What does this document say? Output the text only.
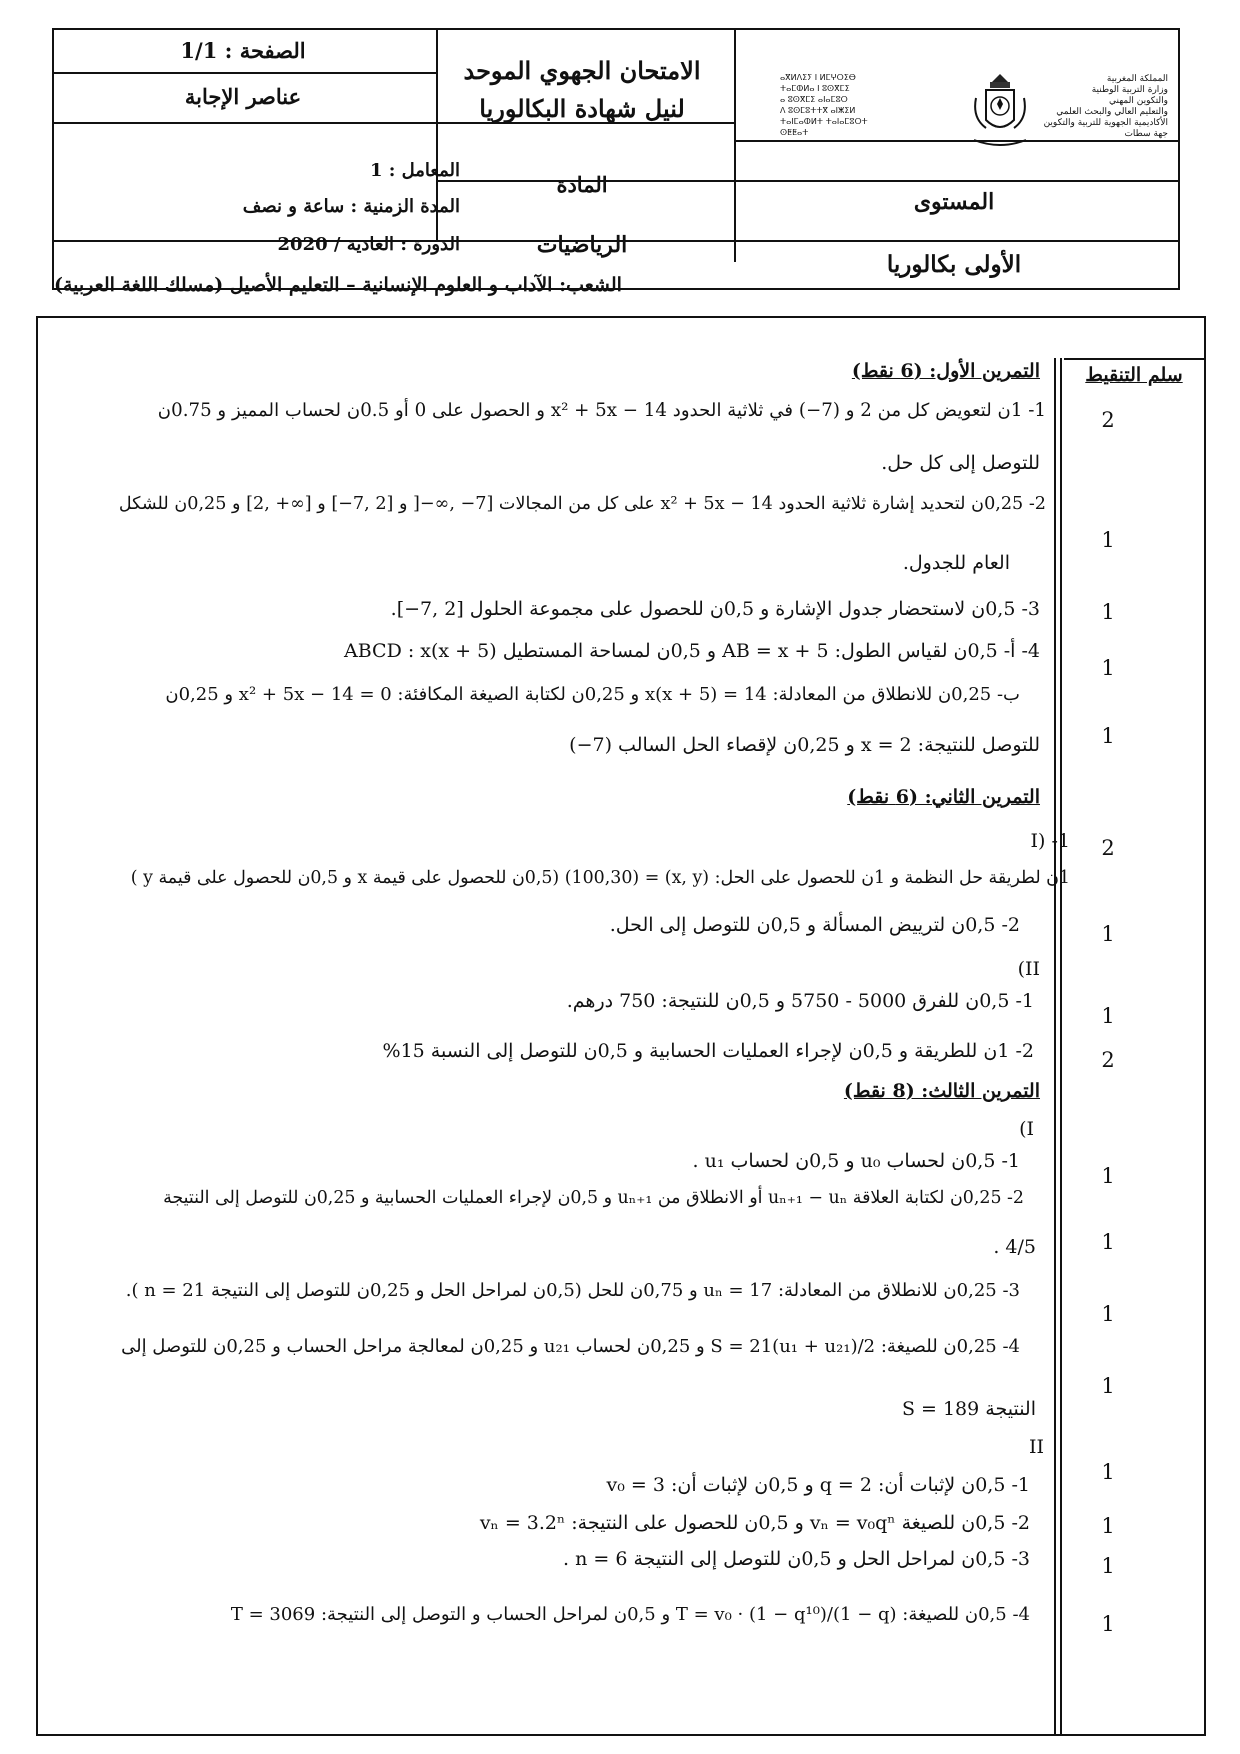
الصفحة : 1/1
عناصر الإجابة
الامتحان الجهوي الموحد
لنيل شهادة البكالوريا
ⴰⴳⵍⴷⵉⵢ ⵏ ⵍⵎⵖⵔⵉⴱ
ⵜⴰⵎⵀⵍⴰ ⵏ ⵓⵙⴳⵎⵉ
ⴰ ⵓⵙⴳⵎⵉ ⴰⵏⴰⵎⵓⵔ
ⴷ ⵓⵙⵎⵓⵜⵜⴳ ⴰⵏⵥⵉⵍ
ⵜⴰⵏⵎⴰⵀⵍⵜ ⵜⴰⵏⴰⵎⵓⵔⵜ
ⵙⵟⵟⴰⵜ
المملكة المغربية
وزارة التربية الوطنية
والتكوين المهني
والتعليم العالي والبحث العلمي
الأكاديمية الجهوية للتربية والتكوين
جهة سطات
المعامل : 1
المدة الزمنية : ساعة و نصف
الدورة : العادية / 2020
المادة
الرياضيات
المستوى
الأولى بكالوريا
الشعب: الآداب و العلوم الإنسانية – التعليم الأصيل (مسلك اللغة العربية)
سلم التنقيط
التمرين الأول: (6 نقط)
1- 1ن لتعويض كل من 2 و (7−) في ثلاثية الحدود x² + 5x − 14 و الحصول على 0 أو 0.5ن لحساب المميز و 0.75ن
للتوصل إلى كل حل.
2- 0,25ن لتحديد إشارة ثلاثية الحدود x² + 5x − 14 على كل من المجالات [7− ,∞−[ و [2 ,7−] و [∞+ ,2] و 0,25ن للشكل
العام للجدول.
3- 0,5ن لاستحضار جدول الإشارة و 0,5ن للحصول على مجموعة الحلول [2 ,7−].
4- أ- 0,5ن لقياس الطول: AB = x + 5 و 0,5ن لمساحة المستطيل ABCD : x(x + 5)
ب- 0,25ن للانطلاق من المعادلة: x(x + 5) = 14 و 0,25ن لكتابة الصيغة المكافئة: x² + 5x − 14 = 0 و 0,25ن
للتوصل للنتيجة: x = 2 و 0,25ن لإقصاء الحل السالب (7−)
التمرين الثاني: (6 نقط)
I) -1
1ن لطريقة حل النظمة و 1ن للحصول على الحل: (x, y) = (100,30) (0,5ن للحصول على قيمة x و 0,5ن للحصول على قيمة y )
2- 0,5ن لترييض المسألة و 0,5ن للتوصل إلى الحل.
II)
1- 0,5ن للفرق 5000 - 5750 و 0,5ن للنتيجة: 750 درهم.
2- 1ن للطريقة و 0,5ن لإجراء العمليات الحسابية و 0,5ن للتوصل إلى النسبة 15%
التمرين الثالث: (8 نقط)
I)
1- 0,5ن لحساب u₀ و 0,5ن لحساب u₁ .
2- 0,25ن لكتابة العلاقة uₙ₊₁ − uₙ أو الانطلاق من uₙ₊₁ و 0,5ن لإجراء العمليات الحسابية و 0,25ن للتوصل إلى النتيجة
4/5 .
3- 0,25ن للانطلاق من المعادلة: uₙ = 17 و 0,75ن للحل (0,5ن لمراحل الحل و 0,25ن للتوصل إلى النتيجة n = 21 ).
4- 0,25ن للصيغة: S = 21(u₁ + u₂₁)/2 و 0,25ن لحساب u₂₁ و 0,25ن لمعالجة مراحل الحساب و 0,25ن للتوصل إلى
النتيجة S = 189
II
1- 0,5ن لإثبات أن: q = 2 و 0,5ن لإثبات أن: v₀ = 3
2- 0,5ن للصيغة vₙ = v₀qⁿ و 0,5ن للحصول على النتيجة: vₙ = 3.2ⁿ
3- 0,5ن لمراحل الحل و 0,5ن للتوصل إلى النتيجة n = 6 .
4- 0,5ن للصيغة: T = v₀ · (1 − q¹⁰)/(1 − q) و 0,5ن لمراحل الحساب و التوصل إلى النتيجة: T = 3069
2
1
1
1
1
2
1
1
2
1
1
1
1
1
1
1
1
